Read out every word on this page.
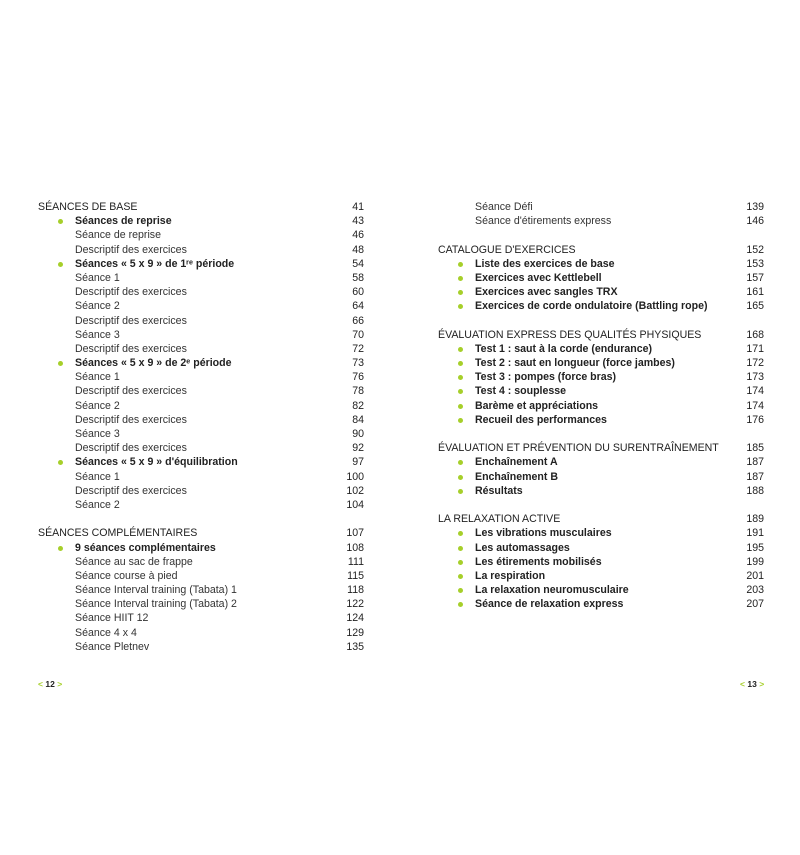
SÉANCES DE BASE	41
Séances de reprise	43
Séance de reprise	46
Descriptif des exercices	48
Séances « 5 x 9 » de 1ʳᵉ période	54
Séance 1	58
Descriptif des exercices	60
Séance 2	64
Descriptif des exercices	66
Séance 3	70
Descriptif des exercices	72
Séances « 5 x 9 » de 2ᵉ période	73
Séance 1	76
Descriptif des exercices	78
Séance 2	82
Descriptif des exercices	84
Séance 3	90
Descriptif des exercices	92
Séances « 5 x 9 » d'équilibration	97
Séance 1	100
Descriptif des exercices	102
Séance 2	104
SÉANCES COMPLÉMENTAIRES	107
9 séances complémentaires	108
Séance au sac de frappe	111
Séance course à pied	115
Séance Interval training (Tabata) 1	118
Séance Interval training (Tabata) 2	122
Séance HIIT 12	124
Séance 4 x 4	129
Séance Pletnev	135
Séance Défi	139
Séance d'étirements express	146
CATALOGUE D'EXERCICES	152
Liste des exercices de base	153
Exercices avec Kettlebell	157
Exercices avec sangles TRX	161
Exercices de corde ondulatoire (Battling rope)	165
ÉVALUATION EXPRESS DES QUALITÉS PHYSIQUES	168
Test 1 : saut à la corde (endurance)	171
Test 2 : saut en longueur (force jambes)	172
Test 3 : pompes (force bras)	173
Test 4 : souplesse	174
Barème et appréciations	174
Recueil des performances	176
ÉVALUATION ET PRÉVENTION DU SURENTRAÎNEMENT	185
Enchaînement A	187
Enchaînement B	187
Résultats	188
LA RELAXATION ACTIVE	189
Les vibrations musculaires	191
Les automassages	195
Les étirements mobilisés	199
La respiration	201
La relaxation neuromusculaire	203
Séance de relaxation express	207
< 12 >	< 13 >
